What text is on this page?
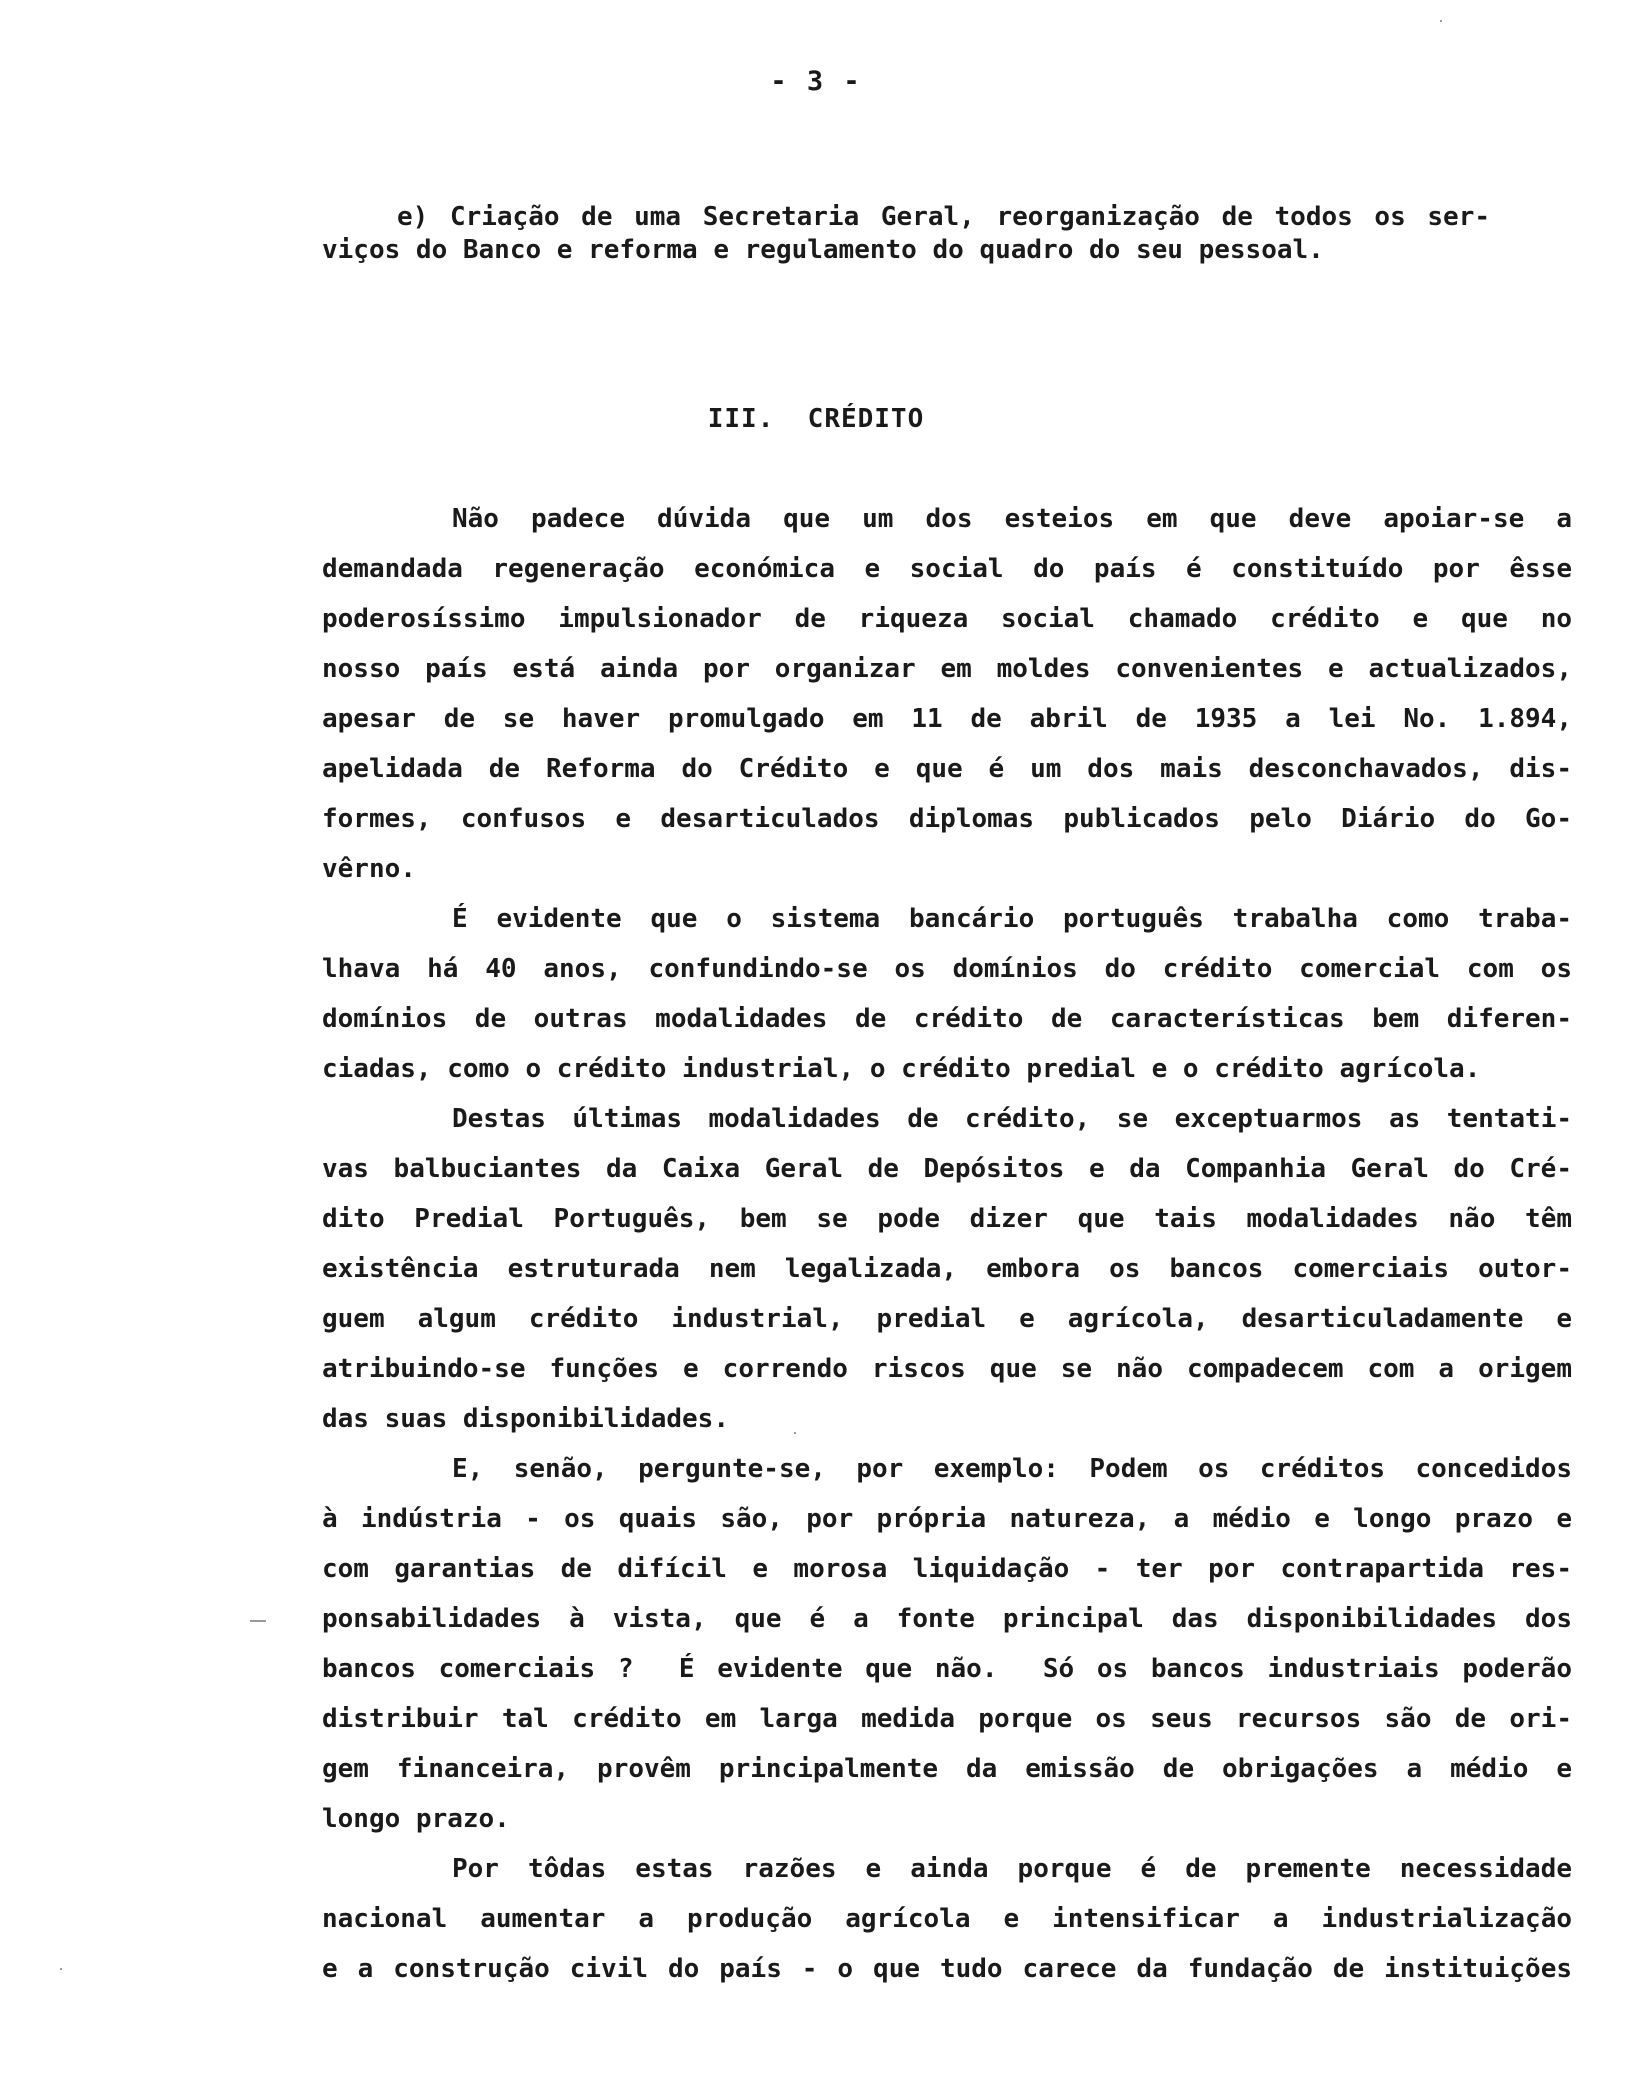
- 3 -
e) Criação de uma Secretaria Geral, reorganização de todos os ser-
viços do Banco e reforma e regulamento do quadro do seu pessoal.
III.  CRÉDITO
Não padece dúvida que um dos esteios em que deve apoiar-se a
demandada regeneração económica e social do país é constituído por êsse
poderosíssimo impulsionador de riqueza social chamado crédito e que no
nosso país está ainda por organizar em moldes convenientes e actualizados,
apesar de se haver promulgado em 11 de abril de 1935 a lei No. 1.894,
apelidada de Reforma do Crédito e que é um dos mais desconchavados, dis-
formes, confusos e desarticulados diplomas publicados pelo Diário do Go-
vêrno.
É evidente que o sistema bancário português trabalha como traba-
lhava há 40 anos, confundindo-se os domínios do crédito comercial com os
domínios de outras modalidades de crédito de características bem diferen-
ciadas, como o crédito industrial, o crédito predial e o crédito agrícola.
Destas últimas modalidades de crédito, se exceptuarmos as tentati-
vas balbuciantes da Caixa Geral de Depósitos e da Companhia Geral do Cré-
dito Predial Português, bem se pode dizer que tais modalidades não têm
existência estruturada nem legalizada, embora os bancos comerciais outor-
guem algum crédito industrial, predial e agrícola, desarticuladamente e
atribuindo-se funções e correndo riscos que se não compadecem com a origem
das suas disponibilidades.
E, senão, pergunte-se, por exemplo: Podem os créditos concedidos
à indústria - os quais são, por própria natureza, a médio e longo prazo e
com garantias de difícil e morosa liquidação - ter por contrapartida res-
ponsabilidades à vista, que é a fonte principal das disponibilidades dos
bancos comerciais ?  É evidente que não.  Só os bancos industriais poderão
distribuir tal crédito em larga medida porque os seus recursos são de ori-
gem financeira, provêm principalmente da emissão de obrigações a médio e
longo prazo.
Por tôdas estas razões e ainda porque é de premente necessidade
nacional aumentar a produção agrícola e intensificar a industrialização
e a construção civil do país - o que tudo carece da fundação de instituições
